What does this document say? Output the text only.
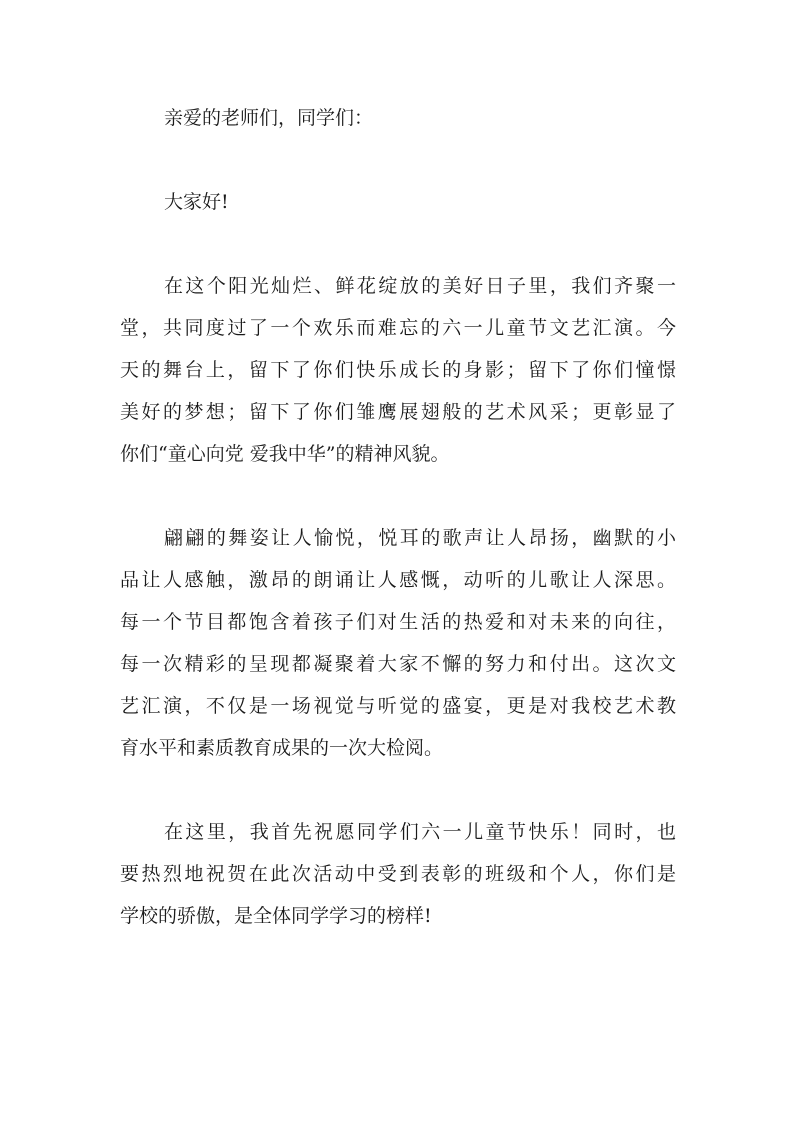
亲爱的老师们，同学们：
大家好!
在这个阳光灿烂、鲜花绽放的美好日子里，我们齐聚一
堂，共同度过了一个欢乐而难忘的六一儿童节文艺汇演。今
天的舞台上，留下了你们快乐成长的身影；留下了你们憧憬
美好的梦想；留下了你们雏鹰展翅般的艺术风采；更彰显了
你们“童心向党 爱我中华”的精神风貌。
翩翩的舞姿让人愉悦，悦耳的歌声让人昂扬，幽默的小
品让人感触，激昂的朗诵让人感慨，动听的儿歌让人深思。
每一个节目都饱含着孩子们对生活的热爱和对未来的向往，
每一次精彩的呈现都凝聚着大家不懈的努力和付出。这次文
艺汇演，不仅是一场视觉与听觉的盛宴，更是对我校艺术教
育水平和素质教育成果的一次大检阅。
在这里，我首先祝愿同学们六一儿童节快乐！同时，也
要热烈地祝贺在此次活动中受到表彰的班级和个人，你们是
学校的骄傲，是全体同学学习的榜样!
